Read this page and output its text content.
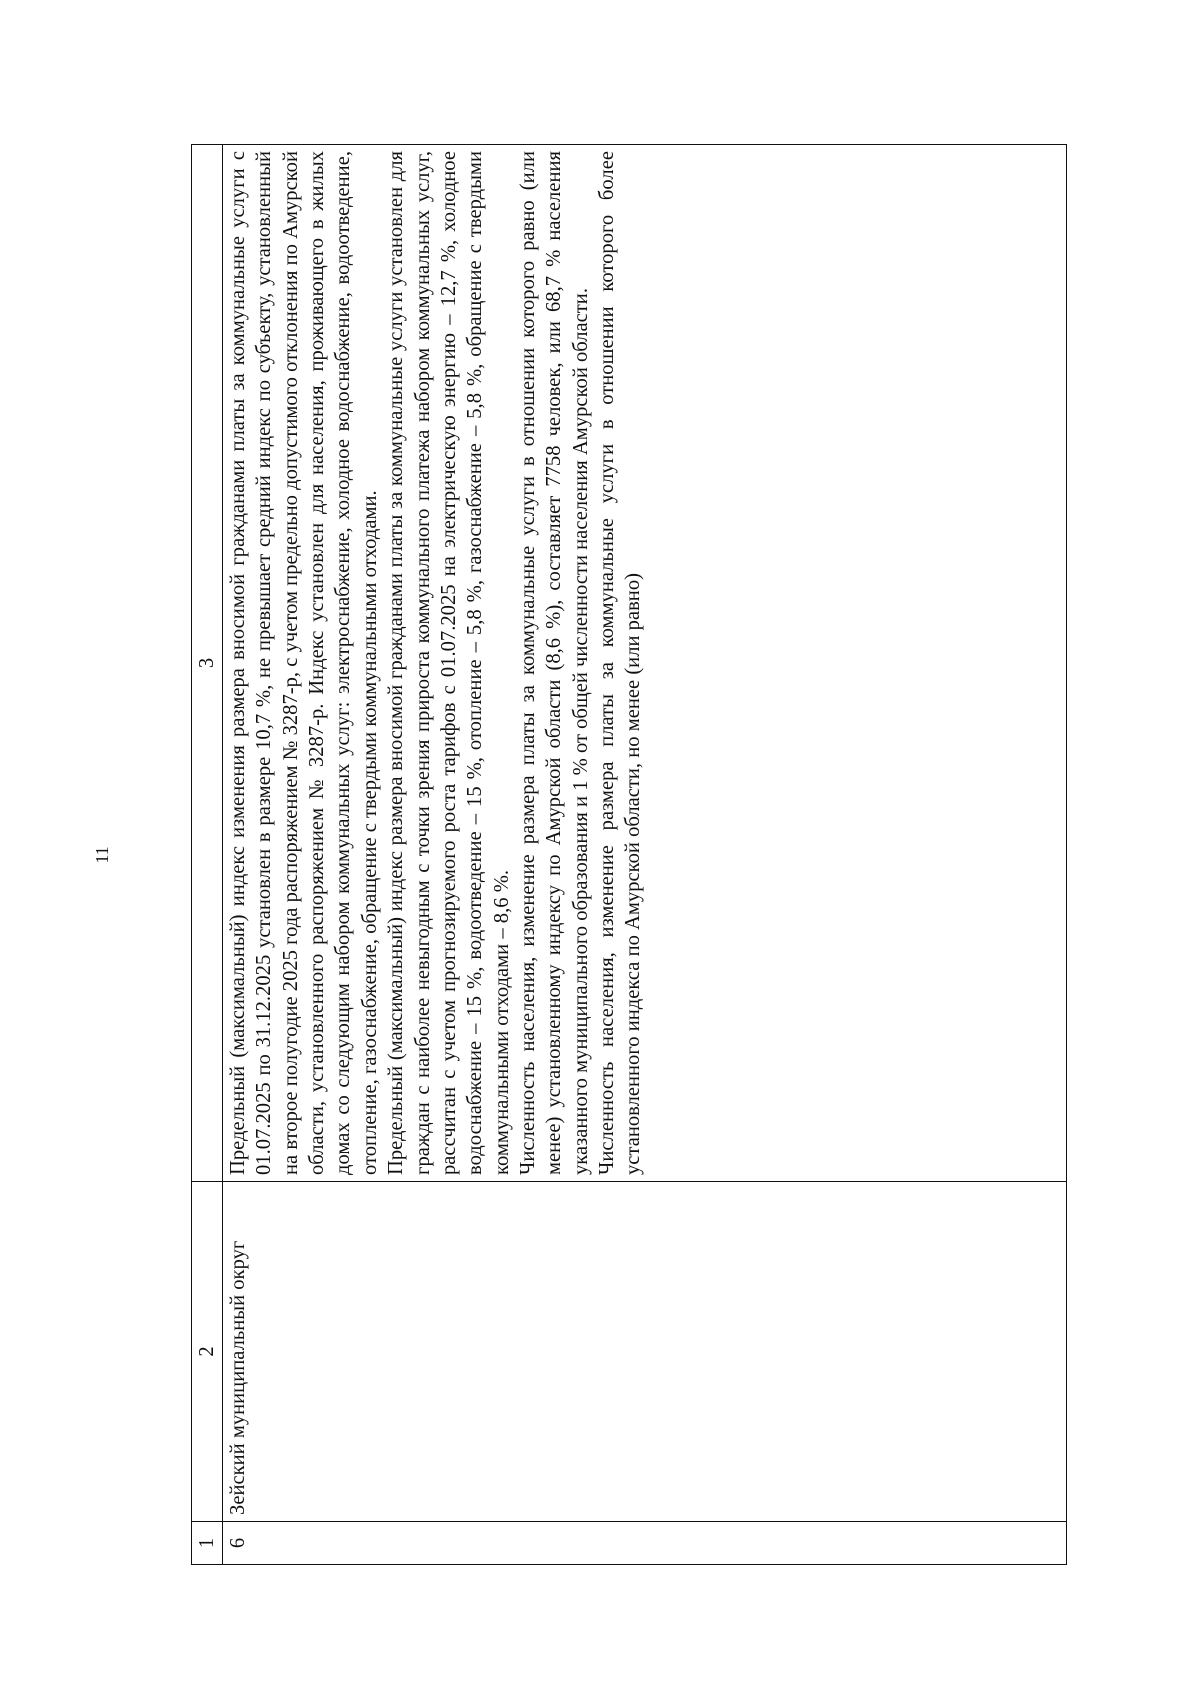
11
1	2	3
6	Зейский муниципальный округ	Предельный (максимальный) индекс изменения размера вносимой гражданами платы за коммунальные услуги с 01.07.2025 по 31.12.2025 установлен в размере 10,7 %, не превышает средний индекс по субъекту, установленный на второе полугодие 2025 года распоряжением № 3287-р, с учетом предельно допустимого отклонения по Амурской области, установленного распоряжением № 3287-р. Индекс установлен для населения, проживающего в жилых домах со следующим набором коммунальных услуг: электроснабжение, холодное водоснабжение, водоотведение, отопление, газоснабжение, обращение с твердыми коммунальными отходами. Предельный (максимальный) индекс размера вносимой гражданами платы за коммунальные услуги установлен для граждан с наиболее невыгодным с точки зрения прироста коммунального платежа набором коммунальных услуг, рассчитан с учетом прогнозируемого роста тарифов с 01.07.2025 на электрическую энергию – 12,7 %, холодное водоснабжение – 15 %, водоотведение – 15 %, отопление – 5,8 %, газоснабжение – 5,8 %, обращение с твердыми коммунальными отходами – 8,6 %. Численность населения, изменение размера платы за коммунальные услуги в отношении которого равно (или менее) установленному индексу по Амурской области (8,6 %), составляет 7758 человек, или 68,7 % населения указанного муниципального образования и 1 % от общей численности населения Амурской области. Численность населения, изменение размера платы за коммунальные услуги в отношении которого более установленного индекса по Амурской области, но менее (или равно)
